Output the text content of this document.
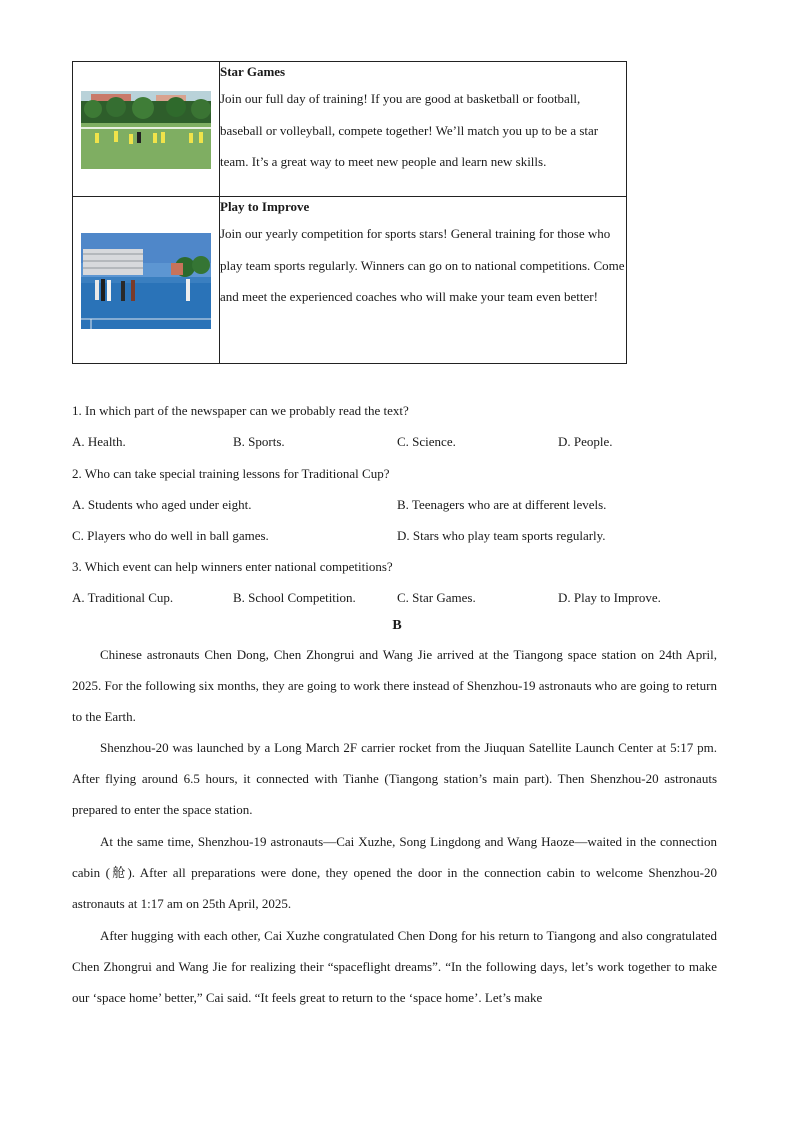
Star Games
Join our full day of training! If you are good at basketball or football, baseball or volleyball, compete together! We’ll match you up to be a star team. It’s a great way to meet new people and learn new skills.

Play to Improve
Join our yearly competition for sports stars! General training for those who play team sports regularly. Winners can go on to national competitions. Come and meet the experienced coaches who will make your team even better!
1. In which part of the newspaper can we probably read the text?
A. Health.	B. Sports.	C. Science.	D. People.
2. Who can take special training lessons for Traditional Cup?
A. Students who aged under eight.	B. Teenagers who are at different levels.
C. Players who do well in ball games.	D. Stars who play team sports regularly.
3. Which event can help winners enter national competitions?
A. Traditional Cup.	B. School Competition.	C. Star Games.	D. Play to Improve.
B
Chinese astronauts Chen Dong, Chen Zhongrui and Wang Jie arrived at the Tiangong space station on 24th April, 2025. For the following six months, they are going to work there instead of Shenzhou-19 astronauts who are going to return to the Earth.
Shenzhou-20 was launched by a Long March 2F carrier rocket from the Jiuquan Satellite Launch Center at 5:17 pm. After flying around 6.5 hours, it connected with Tianhe (Tiangong station’s main part). Then Shenzhou-20 astronauts prepared to enter the space station.
At the same time, Shenzhou-19 astronauts—Cai Xuzhe, Song Lingdong and Wang Haoze—waited in the connection cabin (舱). After all preparations were done, they opened the door in the connection cabin to welcome Shenzhou-20 astronauts at 1:17 am on 25th April, 2025.
After hugging with each other, Cai Xuzhe congratulated Chen Dong for his return to Tiangong and also congratulated Chen Zhongrui and Wang Jie for realizing their “spaceflight dreams”. “In the following days, let’s work together to make our ‘space home’ better,” Cai said. “It feels great to return to the ‘space home’. Let’s make
